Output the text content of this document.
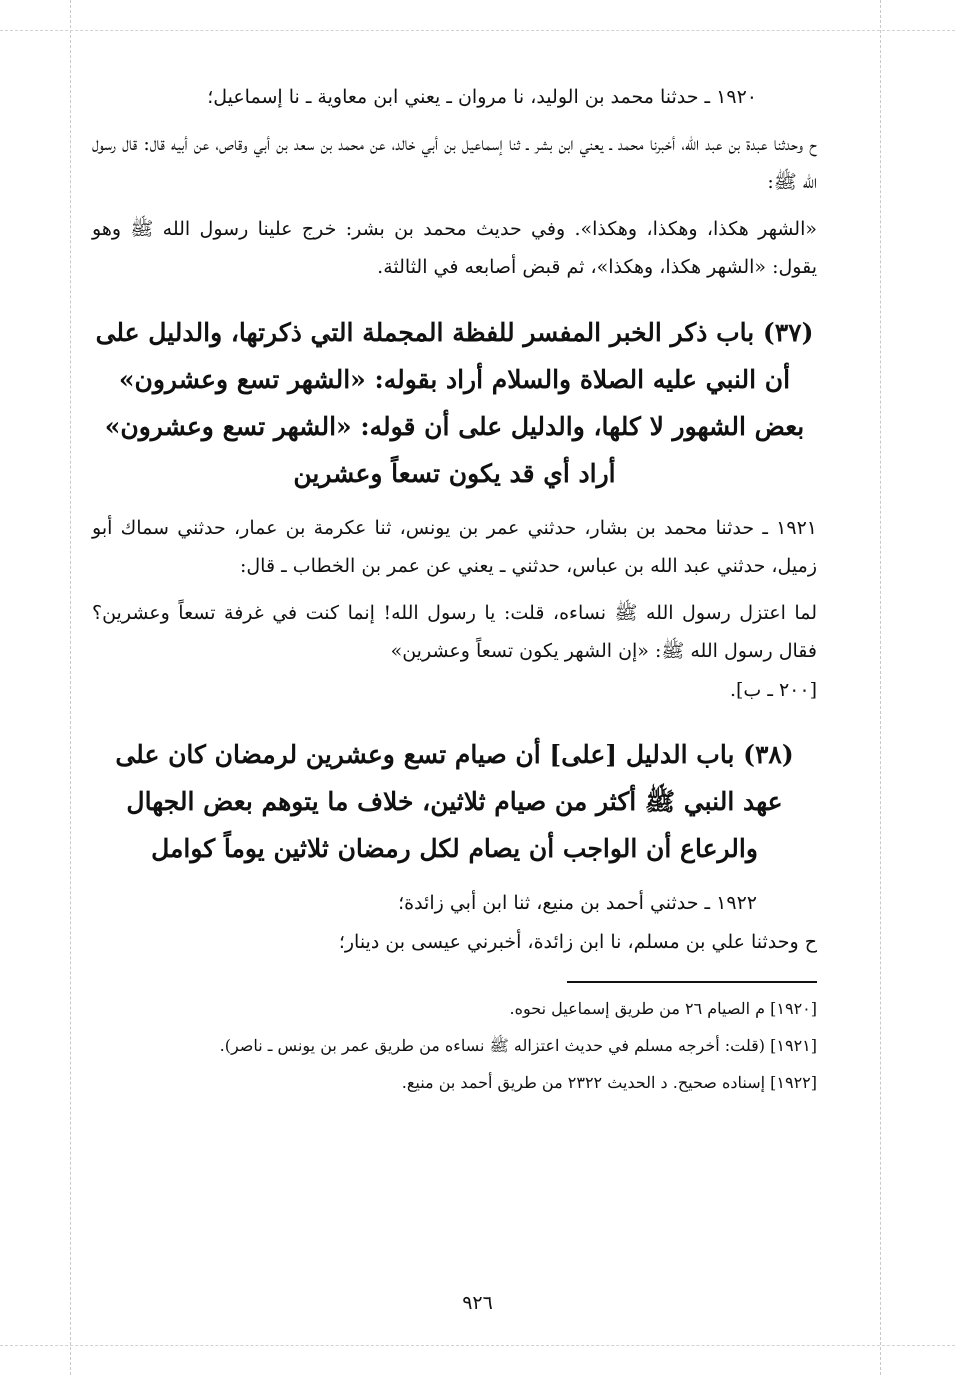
١٩٢٠ ـ حدثنا محمد بن الوليد، نا مروان ـ يعني ابن معاوية ـ نا إسماعيل؛

ح وحدثنا عبدة بن عبد الله، أخبرنا محمد ـ يعني ابن بشر ـ ثنا إسماعيل بن أبي خالد، عن محمد بن سعد بن أبي وقاص، عن أبيه قال: قال رسول الله ﷺ:

«الشهر هكذا، وهكذا، وهكذا». وفي حديث محمد بن بشر: خرج علينا رسول الله ﷺ وهو يقول: «الشهر هكذا، وهكذا»، ثم قبض أصابعه في الثالثة.

(٣٧) باب ذكر الخبر المفسر للفظة المجملة التي ذكرتها، والدليل على أن النبي عليه الصلاة والسلام أراد بقوله: «الشهر تسع وعشرون» بعض الشهور لا كلها، والدليل على أن قوله: «الشهر تسع وعشرون» أراد أي قد يكون تسعاً وعشرين

١٩٢١ ـ حدثنا محمد بن بشار، حدثني عمر بن يونس، ثنا عكرمة بن عمار، حدثني سماك أبو زميل، حدثني عبد الله بن عباس، حدثني ـ يعني عن عمر بن الخطاب ـ قال:

لما اعتزل رسول الله ﷺ نساءه، قلت: يا رسول الله! إنما كنت في غرفة تسعاً وعشرين؟ فقال رسول الله ﷺ: «إن الشهر يكون تسعاً وعشرين»
[٢٠٠ ـ ب].

(٣٨) باب الدليل [على] أن صيام تسع وعشرين لرمضان كان على عهد النبي ﷺ أكثر من صيام ثلاثين، خلاف ما يتوهم بعض الجهال والرعاع أن الواجب أن يصام لكل رمضان ثلاثين يوماً كوامل

١٩٢٢ ـ حدثني أحمد بن منيع، ثنا ابن أبي زائدة؛

ح وحدثنا علي بن مسلم، نا ابن زائدة، أخبرني عيسى بن دينار؛

[١٩٢٠] م الصيام ٢٦ من طريق إسماعيل نحوه.

[١٩٢١] (قلت: أخرجه مسلم في حديث اعتزاله ﷺ نساءه من طريق عمر بن يونس ـ ناصر).

[١٩٢٢] إسناده صحيح. د الحديث ٢٣٢٢ من طريق أحمد بن منيع.

٩٢٦
